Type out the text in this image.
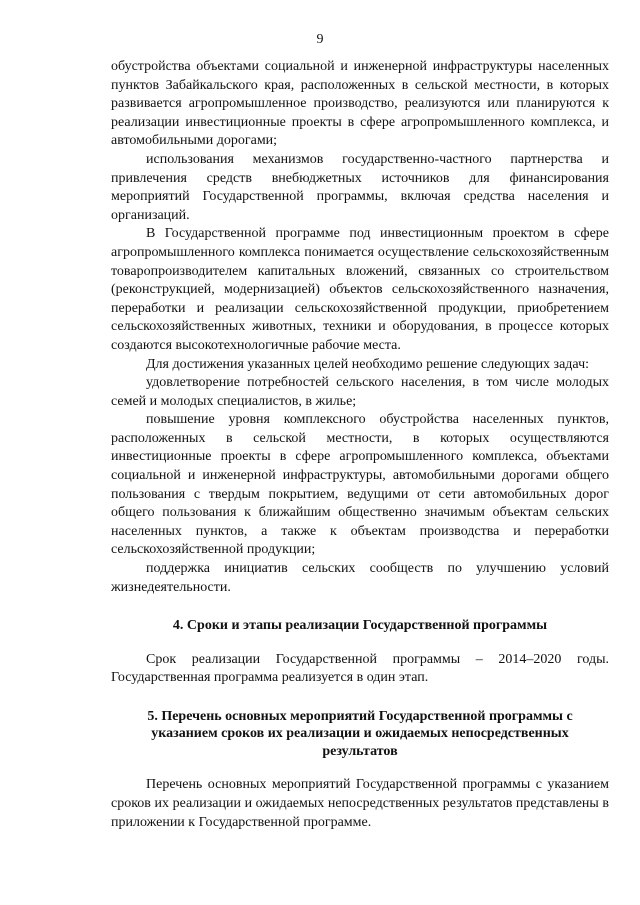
9

обустройства объектами социальной и инженерной инфраструктуры населенных пунктов Забайкальского края, расположенных в сельской местности, в которых развивается агропромышленное производство, реализуются или планируются к реализации инвестиционные проекты в сфере агропромышленного комплекса, и автомобильными дорогами;

использования механизмов государственно-частного партнерства и привлечения средств внебюджетных источников для финансирования мероприятий Государственной программы, включая средства населения и организаций.

В Государственной программе под инвестиционным проектом в сфере агропромышленного комплекса понимается осуществление сельскохозяйственным товаропроизводителем капитальных вложений, связанных со строительством (реконструкцией, модернизацией) объектов сельскохозяйственного назначения, переработки и реализации сельскохозяйственной продукции, приобретением сельскохозяйственных животных, техники и оборудования, в процессе которых создаются высокотехнологичные рабочие места.

Для достижения указанных целей необходимо решение следующих задач:

удовлетворение потребностей сельского населения, в том числе молодых семей и молодых специалистов, в жилье;

повышение уровня комплексного обустройства населенных пунктов, расположенных в сельской местности, в которых осуществляются инвестиционные проекты в сфере агропромышленного комплекса, объектами социальной и инженерной инфраструктуры, автомобильными дорогами общего пользования с твердым покрытием, ведущими от сети автомобильных дорог общего пользования к ближайшим общественно значимым объектам сельских населенных пунктов, а также к объектам производства и переработки сельскохозяйственной продукции;

поддержка инициатив сельских сообществ по улучшению условий жизнедеятельности.

4. Сроки и этапы реализации Государственной программы

Срок реализации Государственной программы – 2014–2020 годы. Государственная программа реализуется в один этап.

5. Перечень основных мероприятий Государственной программы с указанием сроков их реализации и ожидаемых непосредственных результатов

Перечень основных мероприятий Государственной программы с указанием сроков их реализации и ожидаемых непосредственных результатов представлены в приложении к Государственной программе.
